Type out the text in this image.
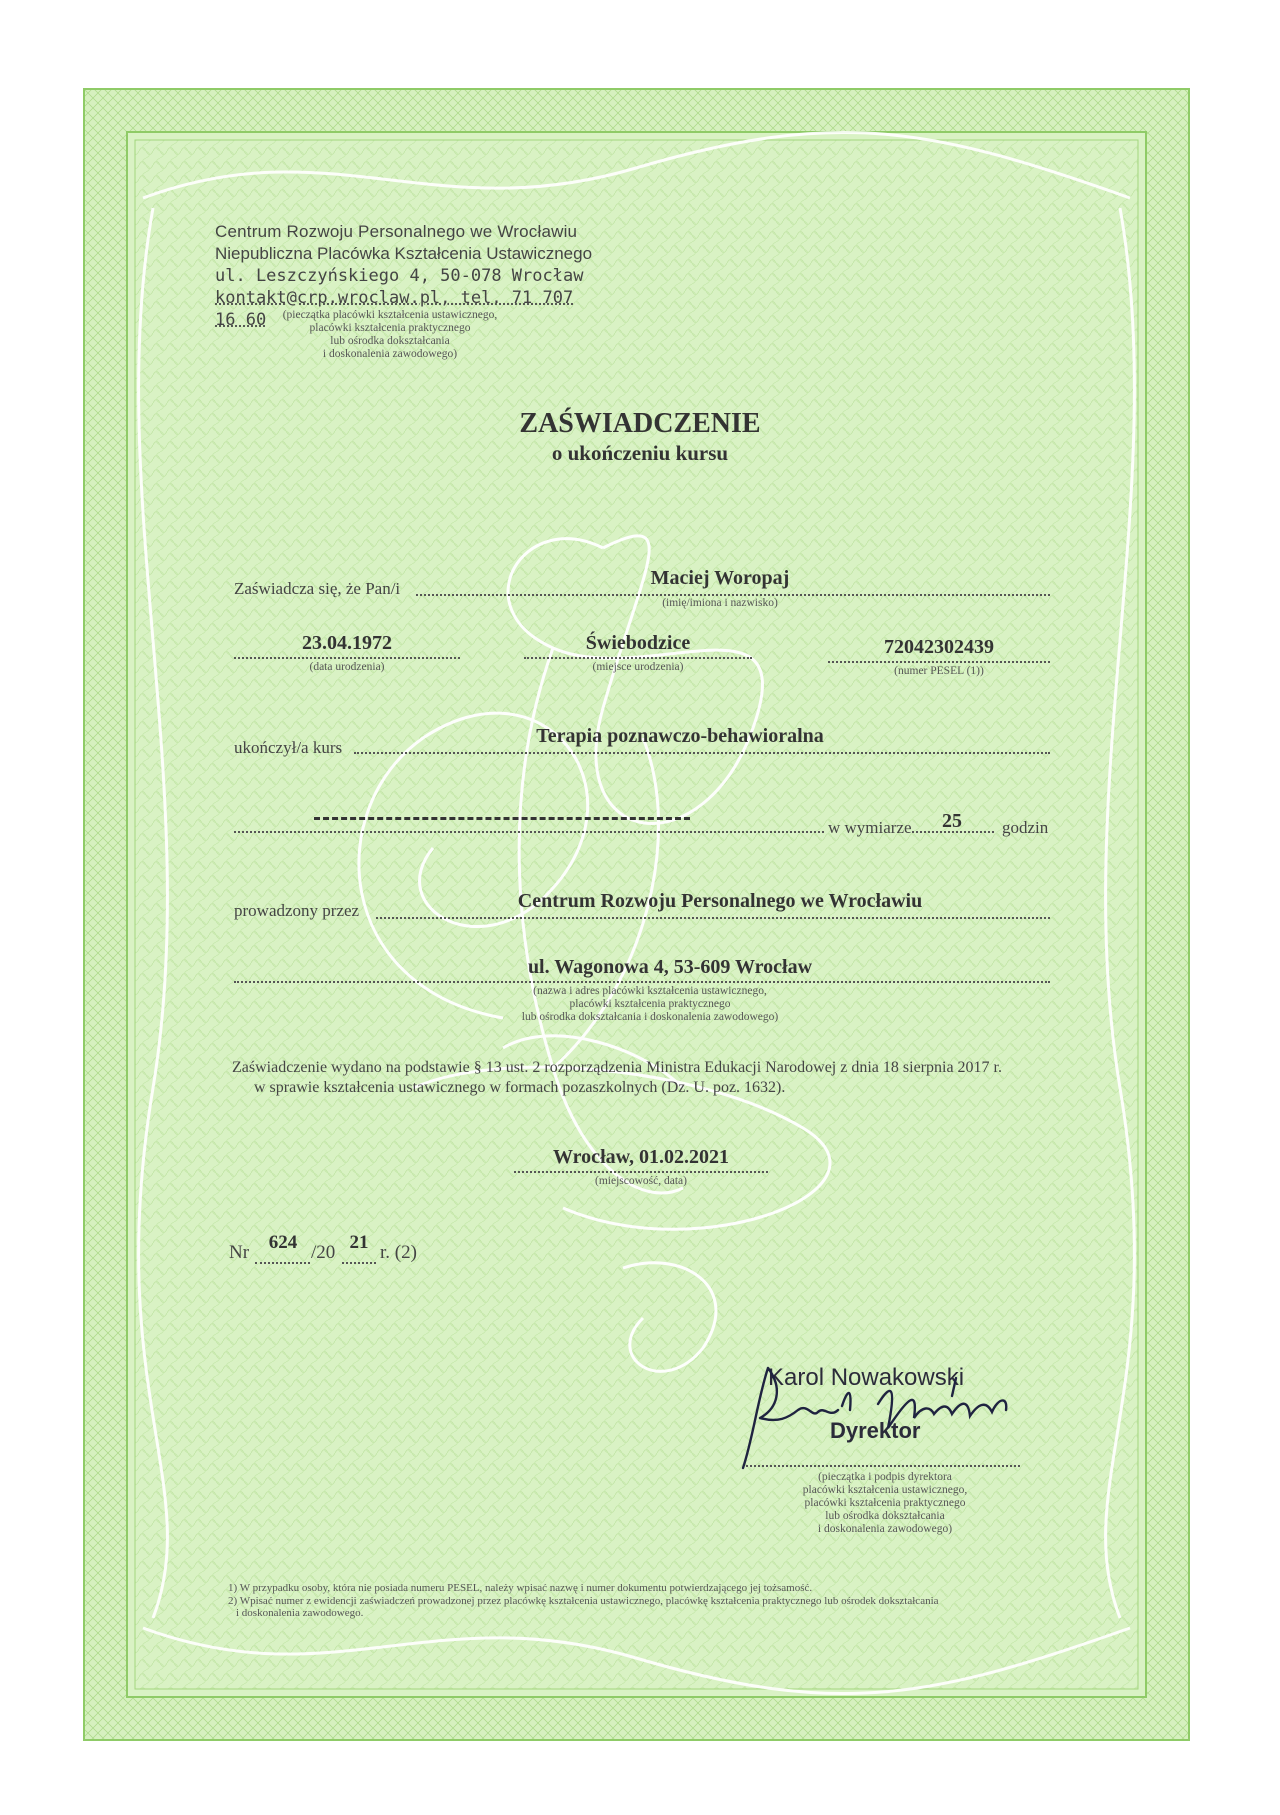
Centrum Rozwoju Personalnego we Wrocławiu
Niepubliczna Placówka Kształcenia Ustawicznego
ul. Leszczyńskiego 4, 50-078 Wrocław
kontakt@crp.wroclaw.pl, tel. 71 707 16 60	(pieczątka placówki kształcenia ustawicznego,
placówki kształcenia praktycznego
lub ośrodka dokształcania
i doskonalenia zawodowego)
ZAŚWIADCZENIE
o ukończeniu kursu
Zaświadcza się, że Pan/i	Maciej Woropaj
(imię/imiona i nazwisko)
23.04.1972
(data urodzenia)
Świebodzice
(miejsce urodzenia)
72042302439
(numer PESEL (1))
ukończył/a kurs
Terapia poznawczo-behawioralna
w wymiarze	25	godzin
prowadzony przez	Centrum Rozwoju Personalnego we Wrocławiu
ul. Wagonowa 4, 53-609 Wrocław
(nazwa i adres placówki kształcenia ustawicznego,
placówki kształcenia praktycznego
lub ośrodka dokształcania i doskonalenia zawodowego)
Zaświadczenie wydano na podstawie § 13 ust. 2 rozporządzenia Ministra Edukacji Narodowej z dnia 18 sierpnia 2017 r.
w sprawie kształcenia ustawicznego w formach pozaszkolnych (Dz. U. poz. 1632).
Wrocław, 01.02.2021
(miejscowość, data)
Nr	624 /20 21 r. (2)
Karol Nowakowski
Dyrektor
(pieczątka i podpis dyrektora
placówki kształcenia ustawicznego,
placówki kształcenia praktycznego
lub ośrodka dokształcania
i doskonalenia zawodowego)
1) W przypadku osoby, która nie posiada numeru PESEL, należy wpisać nazwę i numer dokumentu potwierdzającego jej tożsamość.
2) Wpisać numer z ewidencji zaświadczeń prowadzonej przez placówkę kształcenia ustawicznego, placówkę kształcenia praktycznego lub ośrodek dokształcania
i doskonalenia zawodowego.
